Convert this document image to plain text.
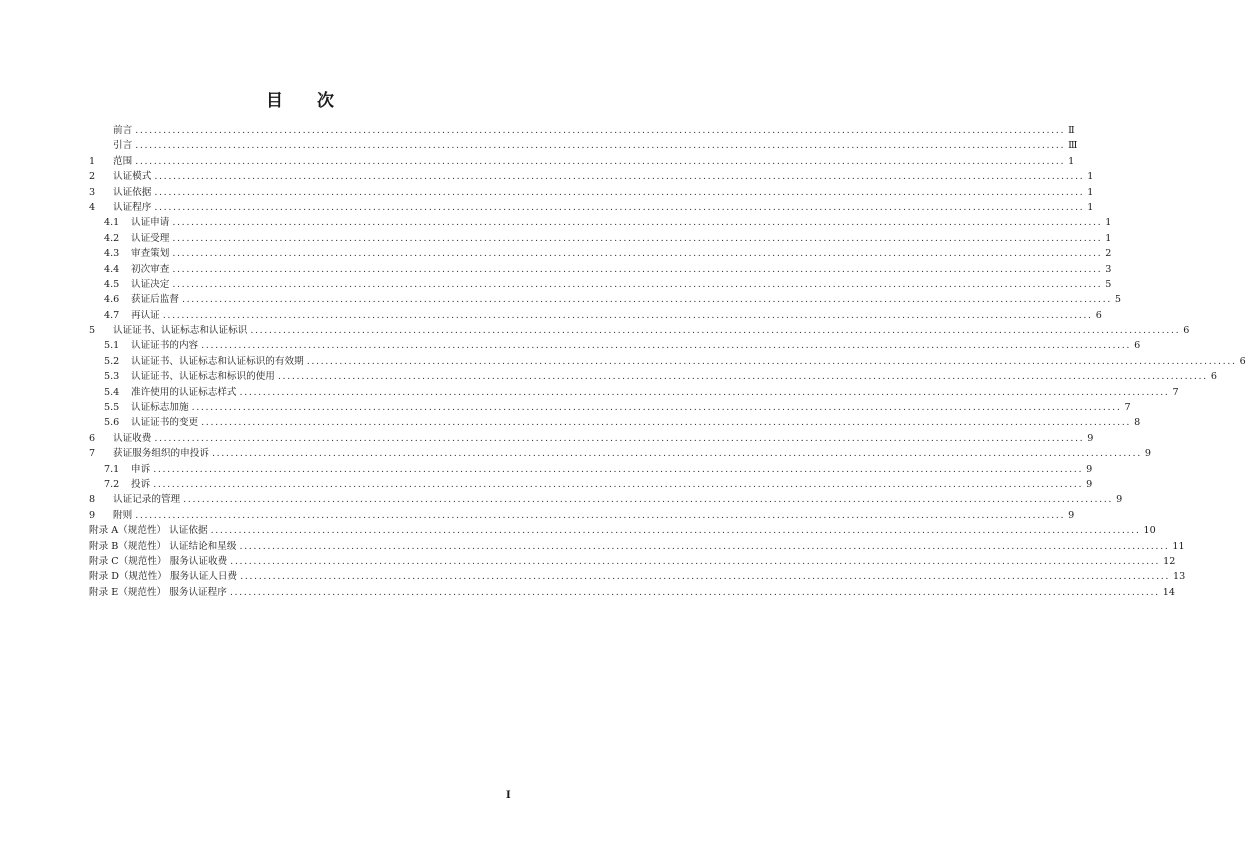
目 次
前言 ........................................................................................................................................................................................................ Ⅱ
引言 ........................................................................................................................................................................................................ Ⅲ
1	范围 ........................................................................................................................................................................................................ 1
2	认证模式 ........................................................................................................................................................................................................ 1
3	认证依据 ........................................................................................................................................................................................................ 1
4	认证程序 ........................................................................................................................................................................................................ 1
4.1	认证申请 ........................................................................................................................................................................................................ 1
4.2	认证受理 ........................................................................................................................................................................................................ 1
4.3	审查策划 ........................................................................................................................................................................................................ 2
4.4	初次审查 ........................................................................................................................................................................................................ 3
4.5	认证决定 ........................................................................................................................................................................................................ 5
4.6	获证后监督 ........................................................................................................................................................................................................ 5
4.7	再认证 ........................................................................................................................................................................................................ 6
5	认证证书、认证标志和认证标识 ........................................................................................................................................................................................................ 6
5.1	认证证书的内容 ........................................................................................................................................................................................................ 6
5.2	认证证书、认证标志和认证标识的有效期 ........................................................................................................................................................................................................ 6
5.3	认证证书、认证标志和标识的使用 ........................................................................................................................................................................................................ 6
5.4	准许使用的认证标志样式 ........................................................................................................................................................................................................ 7
5.5	认证标志加施 ........................................................................................................................................................................................................ 7
5.6	认证证书的变更 ........................................................................................................................................................................................................ 8
6	认证收费 ........................................................................................................................................................................................................ 9
7	获证服务组织的申投诉 ........................................................................................................................................................................................................ 9
7.1	申诉 ........................................................................................................................................................................................................ 9
7.2	投诉 ........................................................................................................................................................................................................ 9
8	认证记录的管理 ........................................................................................................................................................................................................ 9
9	附则 ........................................................................................................................................................................................................ 9
附录 A（规范性） 认证依据 ........................................................................................................................................................................................................ 10
附录 B（规范性） 认证结论和星级 ........................................................................................................................................................................................................ 11
附录 C（规范性） 服务认证收费 ........................................................................................................................................................................................................ 12
附录 D（规范性） 服务认证人日费 ........................................................................................................................................................................................................ 13
附录 E（规范性） 服务认证程序 ........................................................................................................................................................................................................ 14
I
